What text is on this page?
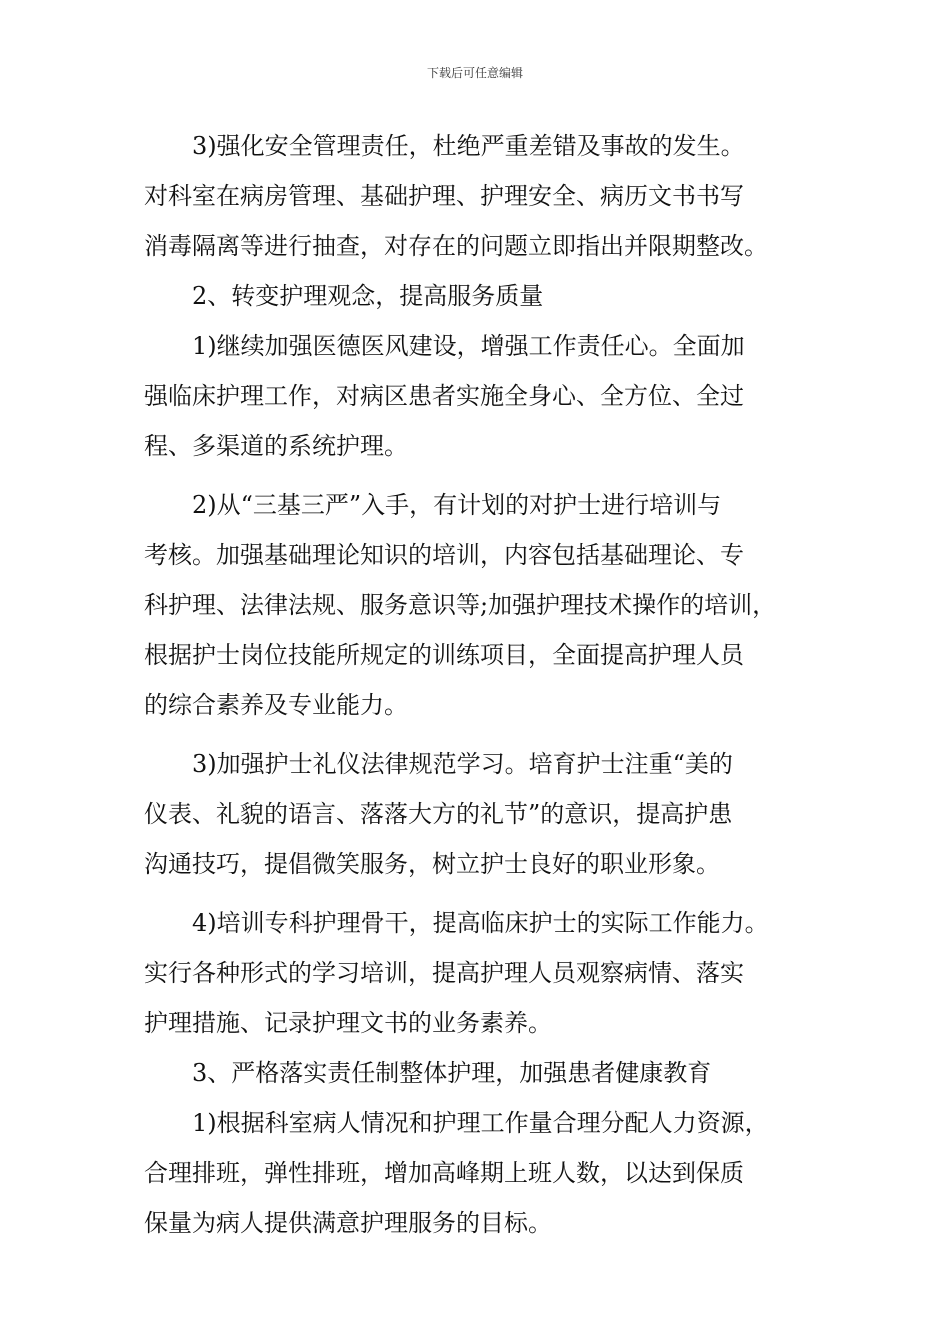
下载后可任意编辑
3)强化安全管理责任，杜绝严重差错及事故的发生。
对科室在病房管理、基础护理、护理安全、病历文书书写
消毒隔离等进行抽查，对存在的问题立即指出并限期整改。
2、转变护理观念，提高服务质量
1)继续加强医德医风建设，增强工作责任心。全面加
强临床护理工作，对病区患者实施全身心、全方位、全过
程、多渠道的系统护理。
2)从“三基三严”入手，有计划的对护士进行培训与
考核。加强基础理论知识的培训，内容包括基础理论、专
科护理、法律法规、服务意识等;加强护理技术操作的培训，
根据护士岗位技能所规定的训练项目，全面提高护理人员
的综合素养及专业能力。
3)加强护士礼仪法律规范学习。培育护士注重“美的
仪表、礼貌的语言、落落大方的礼节”的意识，提高护患
沟通技巧，提倡微笑服务，树立护士良好的职业形象。
4)培训专科护理骨干，提高临床护士的实际工作能力。
实行各种形式的学习培训，提高护理人员观察病情、落实
护理措施、记录护理文书的业务素养。
3、严格落实责任制整体护理，加强患者健康教育
1)根据科室病人情况和护理工作量合理分配人力资源，
合理排班，弹性排班，增加高峰期上班人数，以达到保质
保量为病人提供满意护理服务的目标。
